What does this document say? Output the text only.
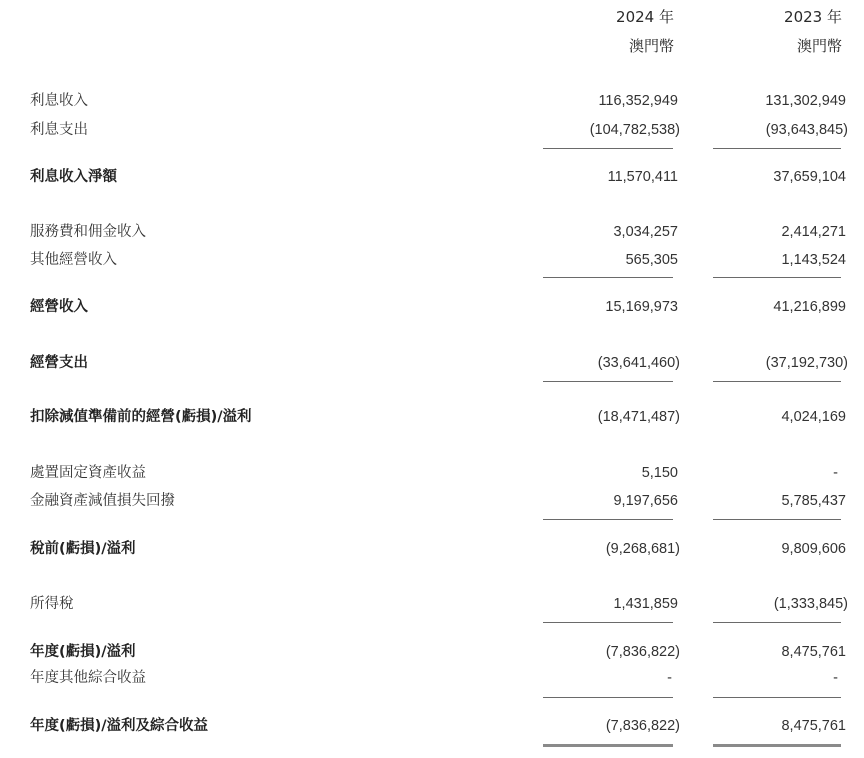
2024 年	2023 年
澳門幣	澳門幣
利息收入	116,352,949	131,302,949
利息支出	(104,782,538)	(93,643,845)
利息收入淨額	11,570,411	37,659,104
服務費和佣金收入	3,034,257	2,414,271
其他經營收入	565,305	1,143,524
經營收入	15,169,973	41,216,899
經營支出	(33,641,460)	(37,192,730)
扣除減值準備前的經營(虧損)/溢利	(18,471,487)	4,024,169
處置固定資產收益	5,150	-
金融資產減值損失回撥	9,197,656	5,785,437
稅前(虧損)/溢利	(9,268,681)	9,809,606
所得稅	1,431,859	(1,333,845)
年度(虧損)/溢利	(7,836,822)	8,475,761
年度其他綜合收益	-	-
年度(虧損)/溢利及綜合收益	(7,836,822)	8,475,761
